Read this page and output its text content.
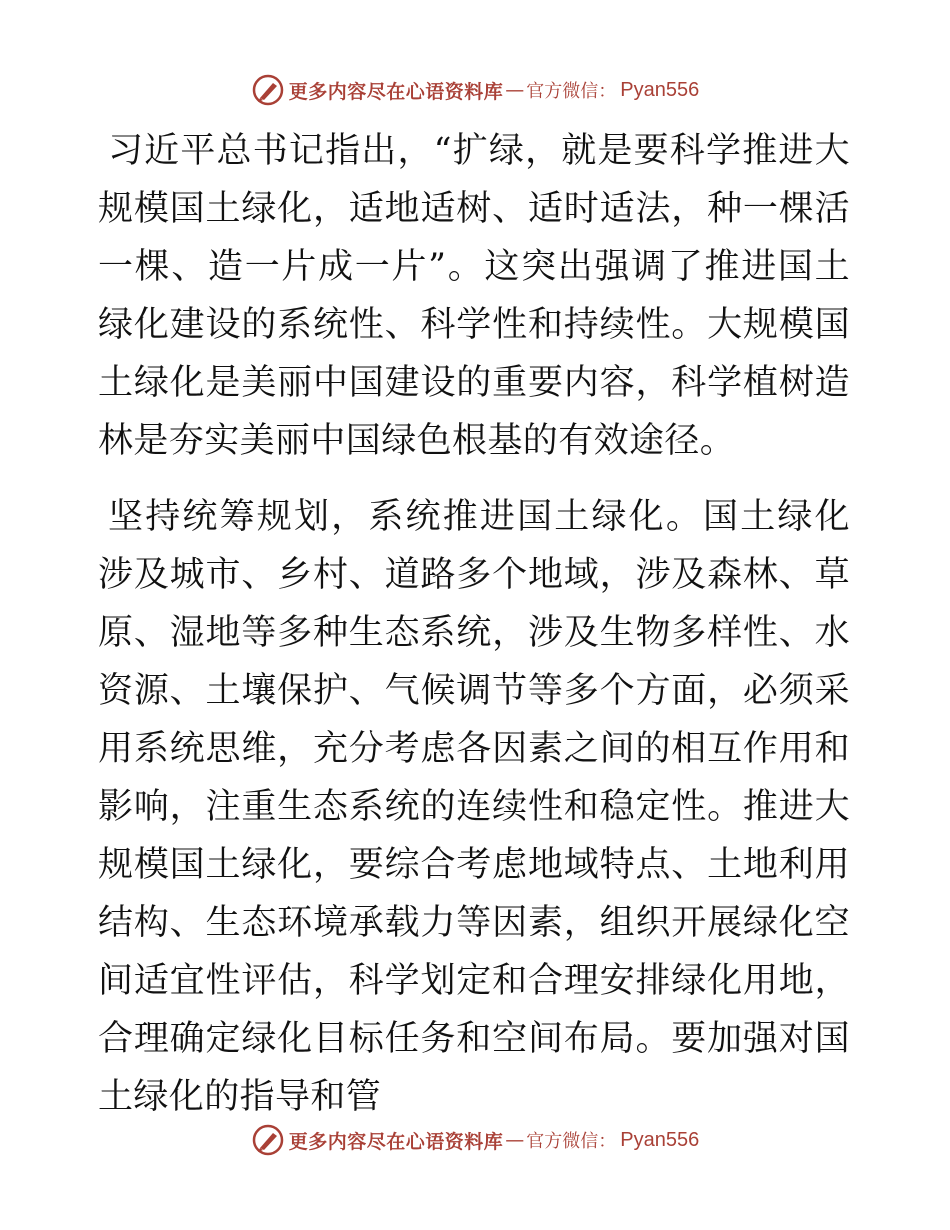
更多内容尽在心语资料库 — 官方微信： Pyan556

习近平总书记指出，“扩绿，就是要科学推进大规模国土绿化，适地适树、适时适法，种一棵活一棵、造一片成一片”。这突出强调了推进国土绿化建设的系统性、科学性和持续性。大规模国土绿化是美丽中国建设的重要内容，科学植树造林是夯实美丽中国绿色根基的有效途径。

坚持统筹规划，系统推进国土绿化。国土绿化涉及城市、乡村、道路多个地域，涉及森林、草原、湿地等多种生态系统，涉及生物多样性、水资源、土壤保护、气候调节等多个方面，必须采用系统思维，充分考虑各因素之间的相互作用和影响，注重生态系统的连续性和稳定性。推进大规模国土绿化，要综合考虑地域特点、土地利用结构、生态环境承载力等因素，组织开展绿化空间适宜性评估，科学划定和合理安排绿化用地，合理确定绿化目标任务和空间布局。要加强对国土绿化的指导和管

更多内容尽在心语资料库 — 官方微信： Pyan556
